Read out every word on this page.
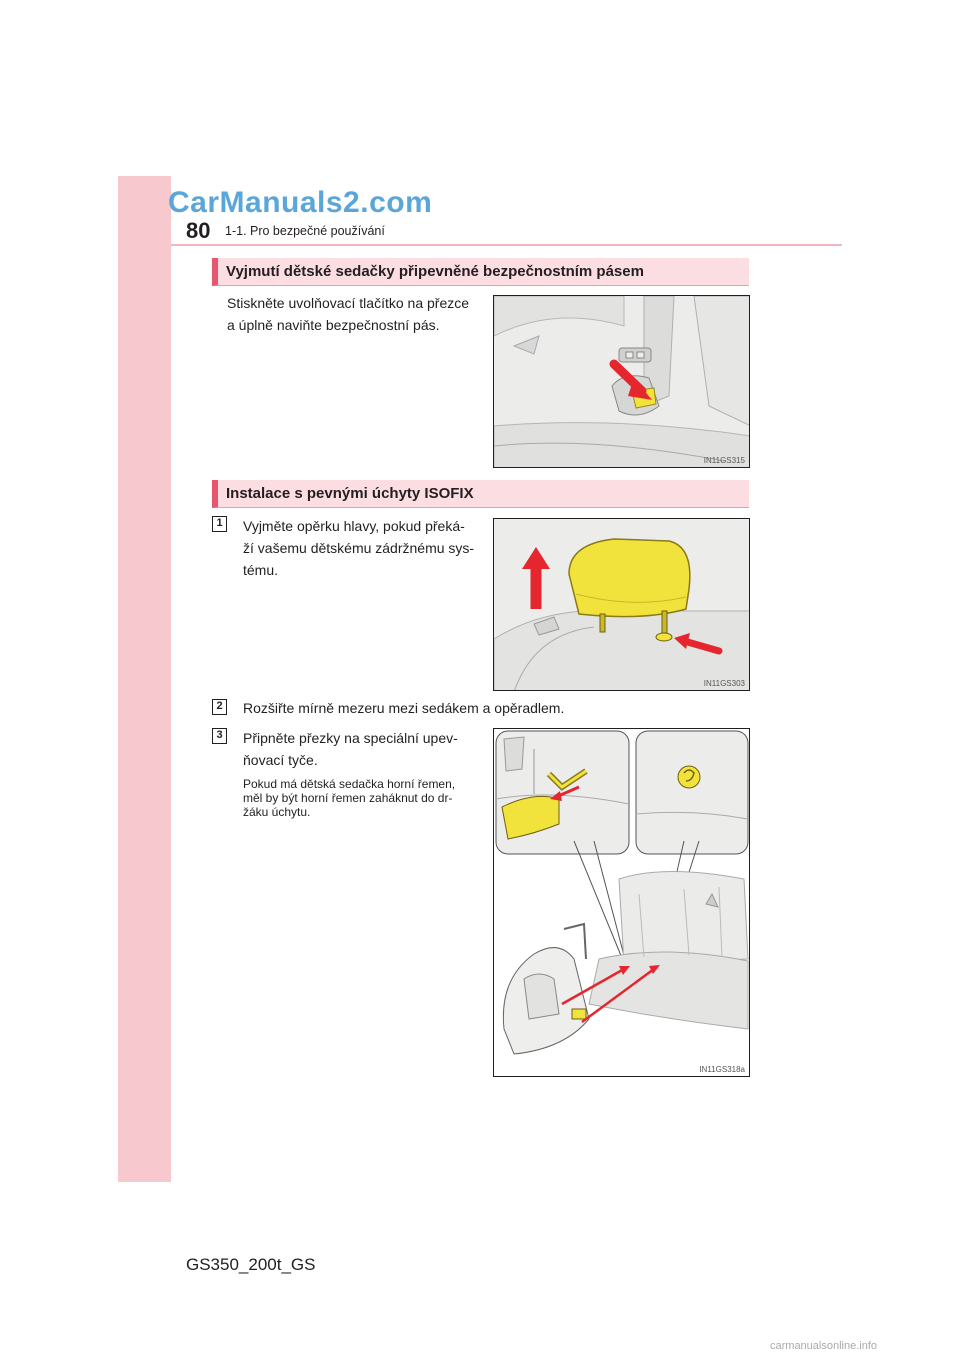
CarManuals2.com
80 1-1. Pro bezpečné používání
Vyjmutí dětské sedačky připevněné bezpečnostním pásem
Stiskněte uvolňovací tlačítko na přezce
a úplně naviňte bezpečnostní pás.
IN11GS315
Instalace s pevnými úchyty ISOFIX
1	Vyjměte opěrku hlavy, pokud překá-
ží vašemu dětskému zádržnému sys-
tému.
IN11GS303
2	Rozšiřte mírně mezeru mezi sedákem a opěradlem.
3	Připněte přezky na speciální upev-
ňovací tyče.
Pokud má dětská sedačka horní řemen,
měl by být horní řemen zaháknut do dr-
žáku úchytu.
IN11GS318a
GS350_200t_GS
carmanualsonline.info
